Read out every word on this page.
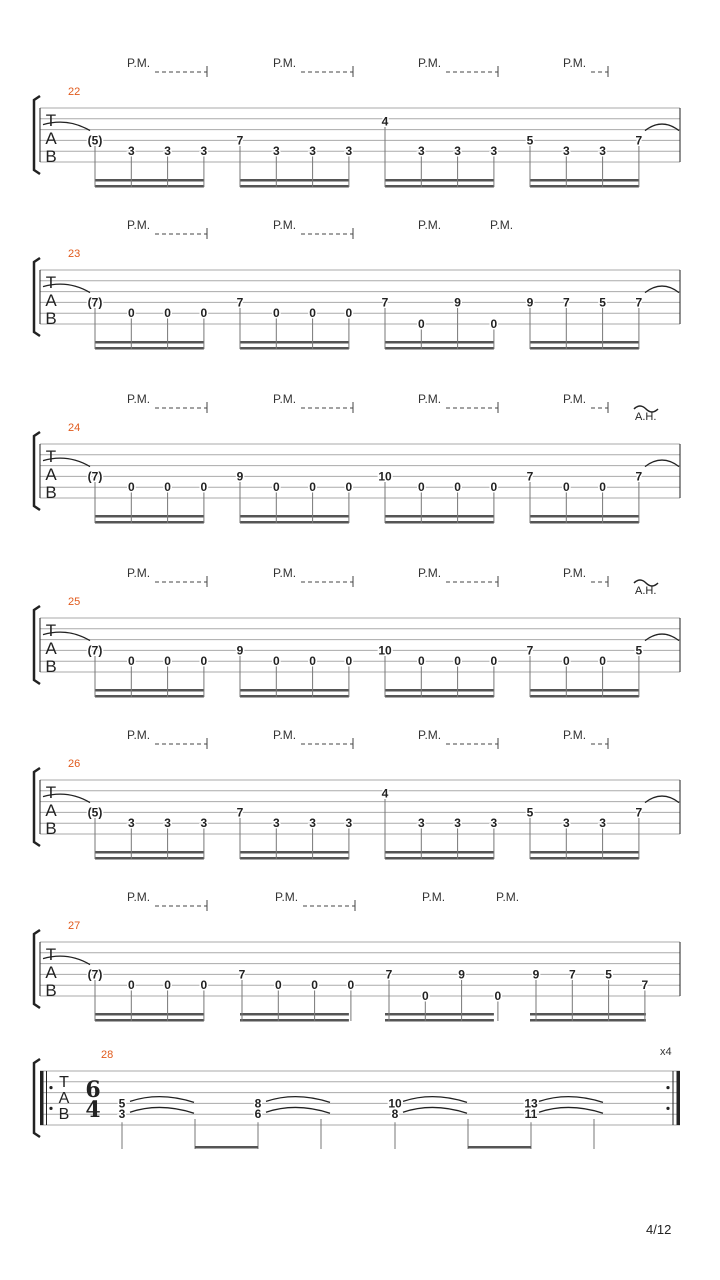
22
T
A
B
P.M.	P.M.	P.M.	P.M.
(5)
3 3 3
7
3 3 3
4
3 3 3
5
3 3
7
23
T
A
B
P.M.	P.M.	P.M.	P.M.
(7)
0 0 0
7
0 0 0
7
0
9
0
9 7 5 7
24
T
A
B
P.M.	P.M.	P.M.	P.M.
A.H.
(7)
0 0 0
9
0 0 0
10
0 0 0
7
0 0
7
25
T
A
B
P.M.	P.M.	P.M.	P.M.
A.H.
(7)
0 0 0
9
0 0 0
10
0 0 0
7
0 0
5
26
T
A
B
P.M.	P.M.	P.M.	P.M.
(5)
3 3 3
7
3 3 3
4
3 3 3
5
3 3
7
27
T
A
B
P.M.	P.M.	P.M.	P.M.
(7)
0 0 0
7
0 0 0
7
0
9
0
9 7 5
7
28	x4
T
A
B
6
4 5
3
8
6
10
8
13
11
4/12
